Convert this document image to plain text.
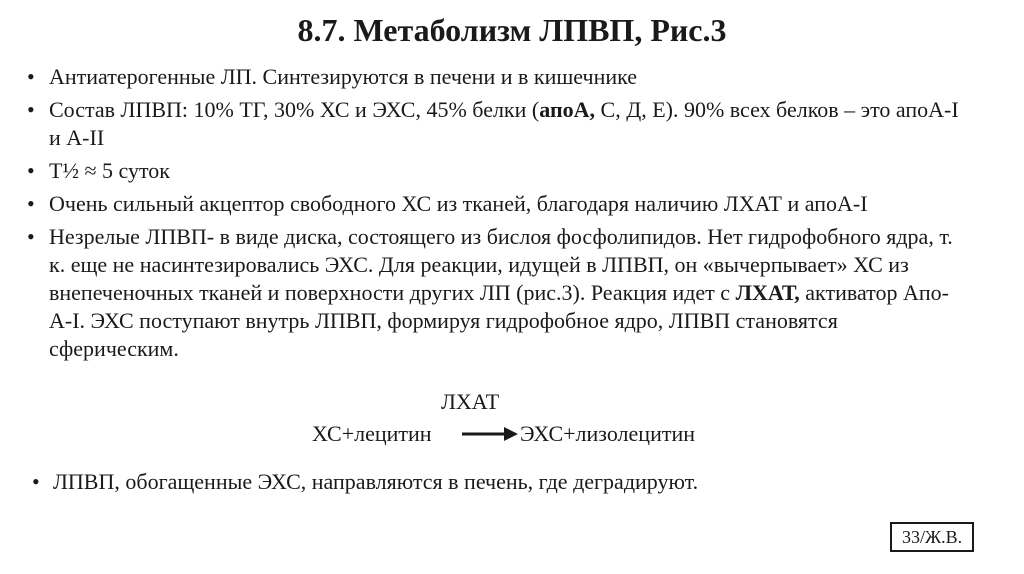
8.7. Метаболизм ЛПВП, Рис.3
• Антиатерогенные ЛП. Синтезируются в печени и в кишечнике
• Состав ЛПВП: 10% ТГ, 30% ХС и ЭХС, 45% белки (апоА, С, Д, Е). 90% всех белков – это апоА-I и А-II
• Т½ ≈ 5 суток
• Очень сильный акцептор свободного ХС из тканей, благодаря наличию ЛХАТ и апоА-I
• Незрелые ЛПВП- в виде диска, состоящего из бислоя фосфолипидов. Нет гидрофобного ядра, т. к. еще не насинтезировались ЭХС. Для реакции, идущей в ЛПВП, он «вычерпывает» ХС из внепеченочных тканей и поверхности других ЛП (рис.3). Реакция идет с ЛХАТ, активатор Апо-А-I. ЭХС поступают внутрь ЛПВП, формируя гидрофобное ядро, ЛПВП становятся сферическим.
ЛХАТ
ХС+лецитин → ЭХС+лизолецитин
• ЛПВП, обогащенные ЭХС, направляются в печень, где деградируют.
33/Ж.В.
